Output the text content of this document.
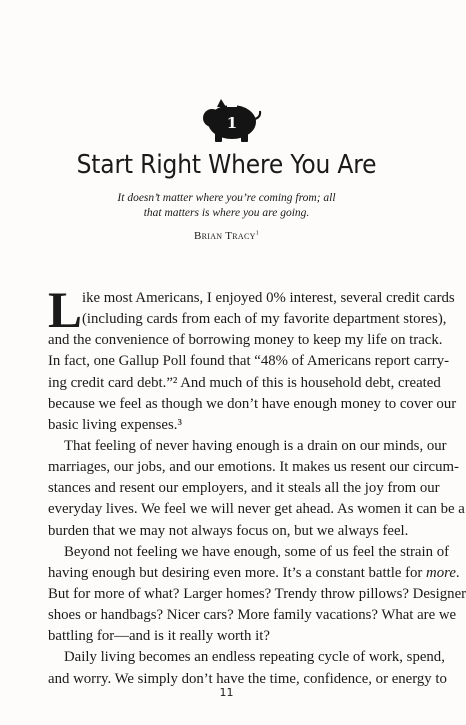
1
Start Right Where You Are
It doesn’t matter where you’re coming from; all
that matters is where you are going.
Brian Tracy$^1$
L ike most Americans, I enjoyed 0% interest, several credit cards
(including cards from each of my favorite department stores),
and the convenience of borrowing money to keep my life on track.
In fact, one Gallup Poll found that “48% of Americans report carry-
ing credit card debt.”² And much of this is household debt, created
because we feel as though we don’t have enough money to cover our
basic living expenses.³
That feeling of never having enough is a drain on our minds, our
marriages, our jobs, and our emotions. It makes us resent our circum-
stances and resent our employers, and it steals all the joy from our
everyday lives. We feel we will never get ahead. As women it can be a
burden that we may not always focus on, but we always feel.
Beyond not feeling we have enough, some of us feel the strain of
having enough but desiring even more. It’s a constant battle for more.
But for more of what? Larger homes? Trendy throw pillows? Designer
shoes or handbags? Nicer cars? More family vacations? What are we
battling for—and is it really worth it?
Daily living becomes an endless repeating cycle of work, spend,
and worry. We simply don’t have the time, confidence, or energy to
11
